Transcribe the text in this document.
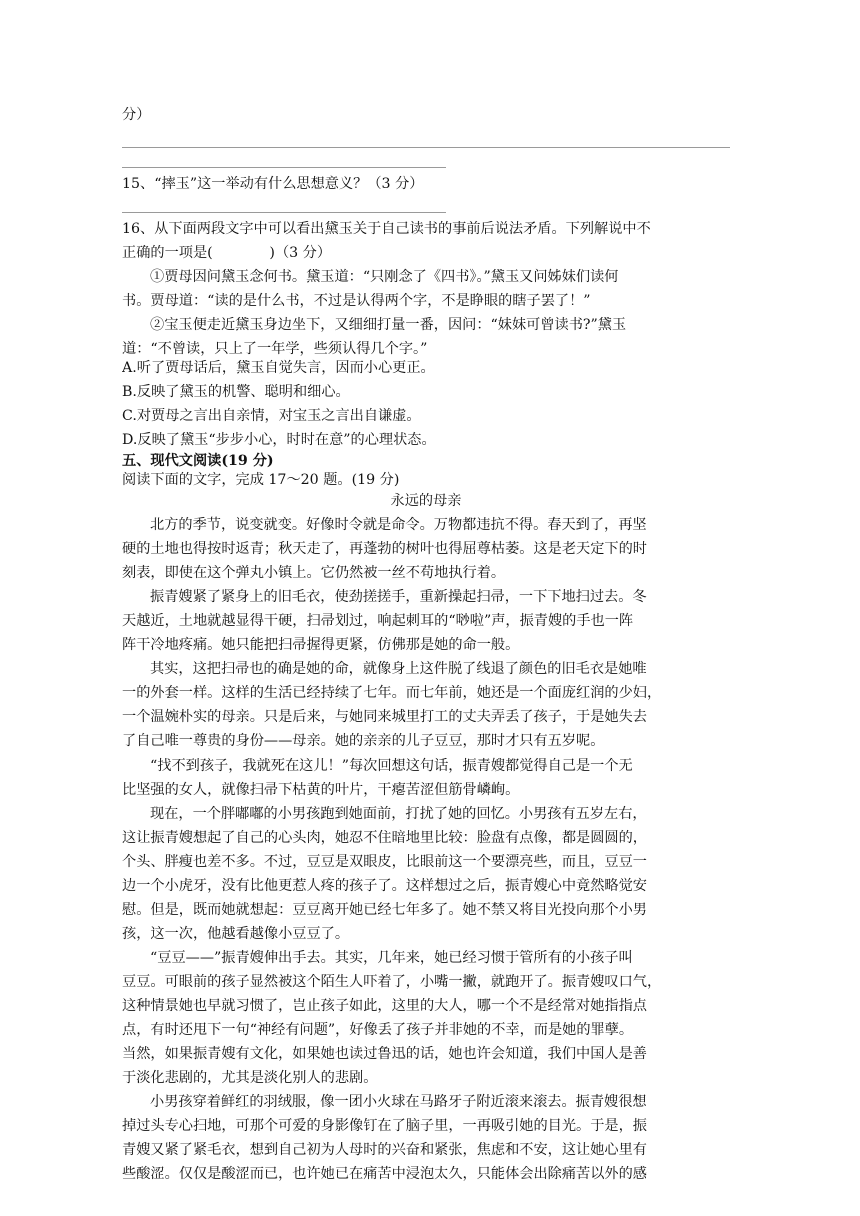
分）
15、“摔玉”这一举动有什么思想意义？（3 分）
16、从下面两段文字中可以看出黛玉关于自己读书的事前后说法矛盾。下列解说中不
正确的一项是(　　　　)（3 分）
①贾母因问黛玉念何书。黛玉道：“只刚念了《四书》。”黛玉又问姊妹们读何
书。贾母道：“读的是什么书，不过是认得两个字，不是睁眼的瞎子罢了！”
②宝玉便走近黛玉身边坐下，又细细打量一番，因问：“妹妹可曾读书?”黛玉
道：“不曾读，只上了一年学，些须认得几个字。”
A.听了贾母话后，黛玉自觉失言，因而小心更正。
B.反映了黛玉的机警、聪明和细心。
C.对贾母之言出自亲情，对宝玉之言出自谦虚。
D.反映了黛玉“步步小心，时时在意”的心理状态。
五、现代文阅读(19 分)
阅读下面的文字，完成 17～20 题。(19 分)
永远的母亲
北方的季节，说变就变。好像时令就是命令。万物都违抗不得。春天到了，再坚
硬的土地也得按时返青；秋天走了，再蓬勃的树叶也得屈尊枯萎。这是老天定下的时
刻表，即使在这个弹丸小镇上。它仍然被一丝不苟地执行着。
振青嫂紧了紧身上的旧毛衣，使劲搓搓手，重新操起扫帚，一下下地扫过去。冬
天越近，土地就越显得干硬，扫帚划过，响起刺耳的“唦啦”声，振青嫂的手也一阵
阵干冷地疼痛。她只能把扫帚握得更紧，仿佛那是她的命一般。
其实，这把扫帚也的确是她的命，就像身上这件脱了线退了颜色的旧毛衣是她唯
一的外套一样。这样的生活已经持续了七年。而七年前，她还是一个面庞红润的少妇，
一个温婉朴实的母亲。只是后来，与她同来城里打工的丈夫弄丢了孩子，于是她失去
了自己唯一尊贵的身份——母亲。她的亲亲的儿子豆豆，那时才只有五岁呢。
“找不到孩子，我就死在这儿！”每次回想这句话，振青嫂都觉得自己是一个无
比坚强的女人，就像扫帚下枯黄的叶片，干瘪苦涩但筋骨嶙峋。
现在，一个胖嘟嘟的小男孩跑到她面前，打扰了她的回忆。小男孩有五岁左右，
这让振青嫂想起了自己的心头肉，她忍不住暗地里比较：脸盘有点像，都是圆圆的，
个头、胖瘦也差不多。不过，豆豆是双眼皮，比眼前这一个要漂亮些，而且，豆豆一
边一个小虎牙，没有比他更惹人疼的孩子了。这样想过之后，振青嫂心中竟然略觉安
慰。但是，既而她就想起：豆豆离开她已经七年多了。她不禁又将目光投向那个小男
孩，这一次，他越看越像小豆豆了。
“豆豆——”振青嫂伸出手去。其实，几年来，她已经习惯于管所有的小孩子叫
豆豆。可眼前的孩子显然被这个陌生人吓着了，小嘴一撇，就跑开了。振青嫂叹口气，
这种情景她也早就习惯了，岂止孩子如此，这里的大人，哪一个不是经常对她指指点
点，有时还甩下一句“神经有问题”，好像丢了孩子并非她的不幸，而是她的罪孽。
当然，如果振青嫂有文化，如果她也读过鲁迅的话，她也许会知道，我们中国人是善
于淡化悲剧的，尤其是淡化别人的悲剧。
小男孩穿着鲜红的羽绒服，像一团小火球在马路牙子附近滚来滚去。振青嫂很想
掉过头专心扫地，可那个可爱的身影像钉在了脑子里，一再吸引她的目光。于是，振
青嫂又紧了紧毛衣，想到自己初为人母时的兴奋和紧张，焦虑和不安，这让她心里有
些酸涩。仅仅是酸涩而已，也许她已在痛苦中浸泡太久，只能体会出除痛苦以外的感
